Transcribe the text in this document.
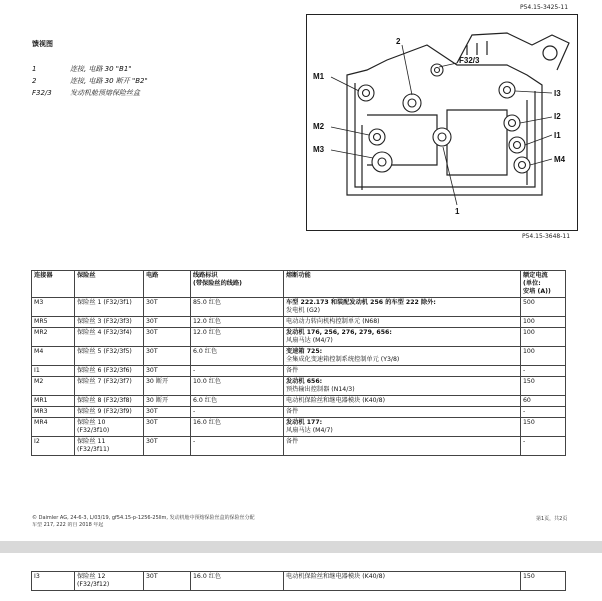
P54.15-3425-11
馈视图
1	连接, 电路 30 "B1"
2	连接, 电路 30 断开 "B2"
F32/3	发动机舱预熔保险丝盒
2
F32/3
M1
I3
I2
M2
I1
M3
M4
1
P54.15-3648-11
连接器	保险丝	电路	线路标识
(带保险丝的线路)	熔断功能	额定电流
(单位:
安培 (A))
M3	保险丝 1 (F32/3f1)	30T	85.0 红色	车型 222.173 和装配发动机 256 的车型 222 除外:
发电机 (G2)	500
MR5	保险丝 3 (F32/3f3)	30T	12.0 红色	电动动力转向机构控制单元 (N68)	100
MR2	保险丝 4 (F32/3f4)	30T	12.0 红色	发动机 176, 256, 276, 279, 656:
风扇马达 (M4/7)	100
M4	保险丝 5 (F32/3f5)	30T	6.0 红色	变速箱 725:
全集成化变速箱控制系统控制单元 (Y3/8)	100
I1	保险丝 6 (F32/3f6)	30T	-	备件	-
M2	保险丝 7 (F32/3f7)	30 断开	10.0 红色	发动机 656:
预热输出控制器 (N14/3)	150
MR1	保险丝 8 (F32/3f8)	30 断开	6.0 红色	电动机保险丝和继电器模块 (K40/8)	60
MR3	保险丝 9 (F32/3f9)	30T	-	备件	-
MR4	保险丝 10
(F32/3f10)	30T	16.0 红色	发动机 177:
风扇马达 (M4/7)	150
I2	保险丝 11
(F32/3f11)	30T	-	备件	-
© Daimler AG, 24-6-3, L/03/19, gf54.15-p-1256-25llm, 发动机舱中预熔保险丝盒的保险丝分配
车型 217, 222 的自 2018 年起
第1页，共2页
I3	保险丝 12
(F32/3f12)	30T	16.0 红色	电动机保险丝和继电器模块 (K40/8)	150
